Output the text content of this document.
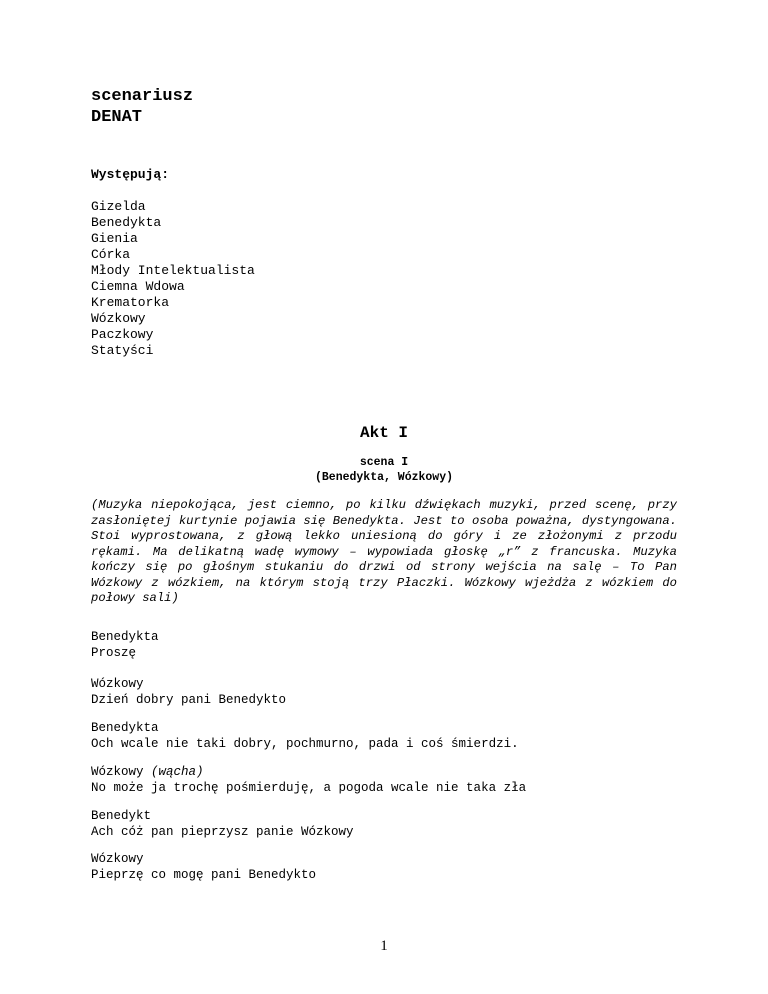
scenariusz
DENAT
Występują:
Gizelda
Benedykta
Gienia
Córka
Młody Intelektualista
Ciemna Wdowa
Krematorka
Wózkowy
Paczkowy
Statyści
Akt I
scena I
(Benedykta, Wózkowy)
(Muzyka niepokojąca, jest ciemno, po kilku dźwiękach muzyki, przed scenę, przy zasłoniętej kurtynie pojawia się Benedykta. Jest to osoba poważna, dystyngowana. Stoi wyprostowana, z głową lekko uniesioną do góry i ze złożonymi z przodu rękami. Ma delikatną wadę wymowy – wypowiada głoskę „r” z francuska. Muzyka kończy się po głośnym stukaniu do drzwi od strony wejścia na salę – To Pan Wózkowy z wózkiem, na którym stoją trzy Płaczki. Wózkowy wjeżdża z wózkiem do połowy sali)
Benedykta
Proszę
Wózkowy
Dzień dobry pani Benedykto
Benedykta
Och wcale nie taki dobry, pochmurno, pada i coś śmierdzi.
Wózkowy (wącha)
No może ja trochę pośmierduję, a pogoda wcale nie taka zła
Benedykt
Ach cóż pan pieprzysz panie Wózkowy
Wózkowy
Pieprzę co mogę pani Benedykto
1
